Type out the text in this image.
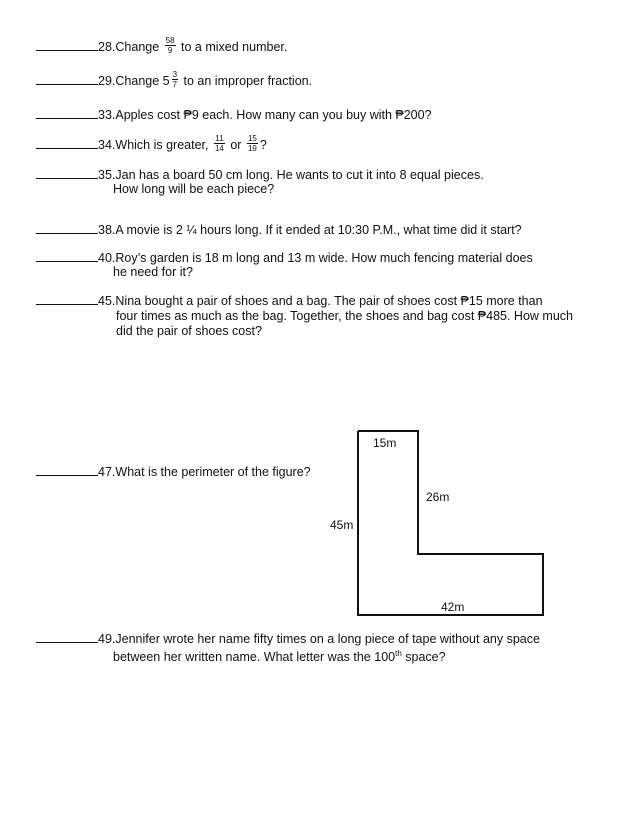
28.Change $\frac{58}{9}$ to a mixed number.
29.Change $5 \frac{3}{7}$ to an improper fraction.
33.Apples cost ₱9 each. How many can you buy with ₱200?
34.Which is greater, $\frac{11}{14}$ or $\frac{15}{19}$ ?
35.Jan has a board 50 cm long. He wants to cut it into 8 equal pieces.
How long will be each piece?
38.A movie is 2 ¼ hours long. If it ended at 10:30 P.M., what time did it start?
40.Roy’s garden is 18 m long and 13 m wide. How much fencing material does
he need for it?
45.Nina bought a pair of shoes and a bag. The pair of shoes cost ₱15 more than
four times as much as the bag. Together, the shoes and bag cost ₱485. How much
did the pair of shoes cost?
47.What is the perimeter of the figure?
15m
26m
45m
42m
49.Jennifer wrote her name fifty times on a long piece of tape without any space
between her written name. What letter was the 100th space?
